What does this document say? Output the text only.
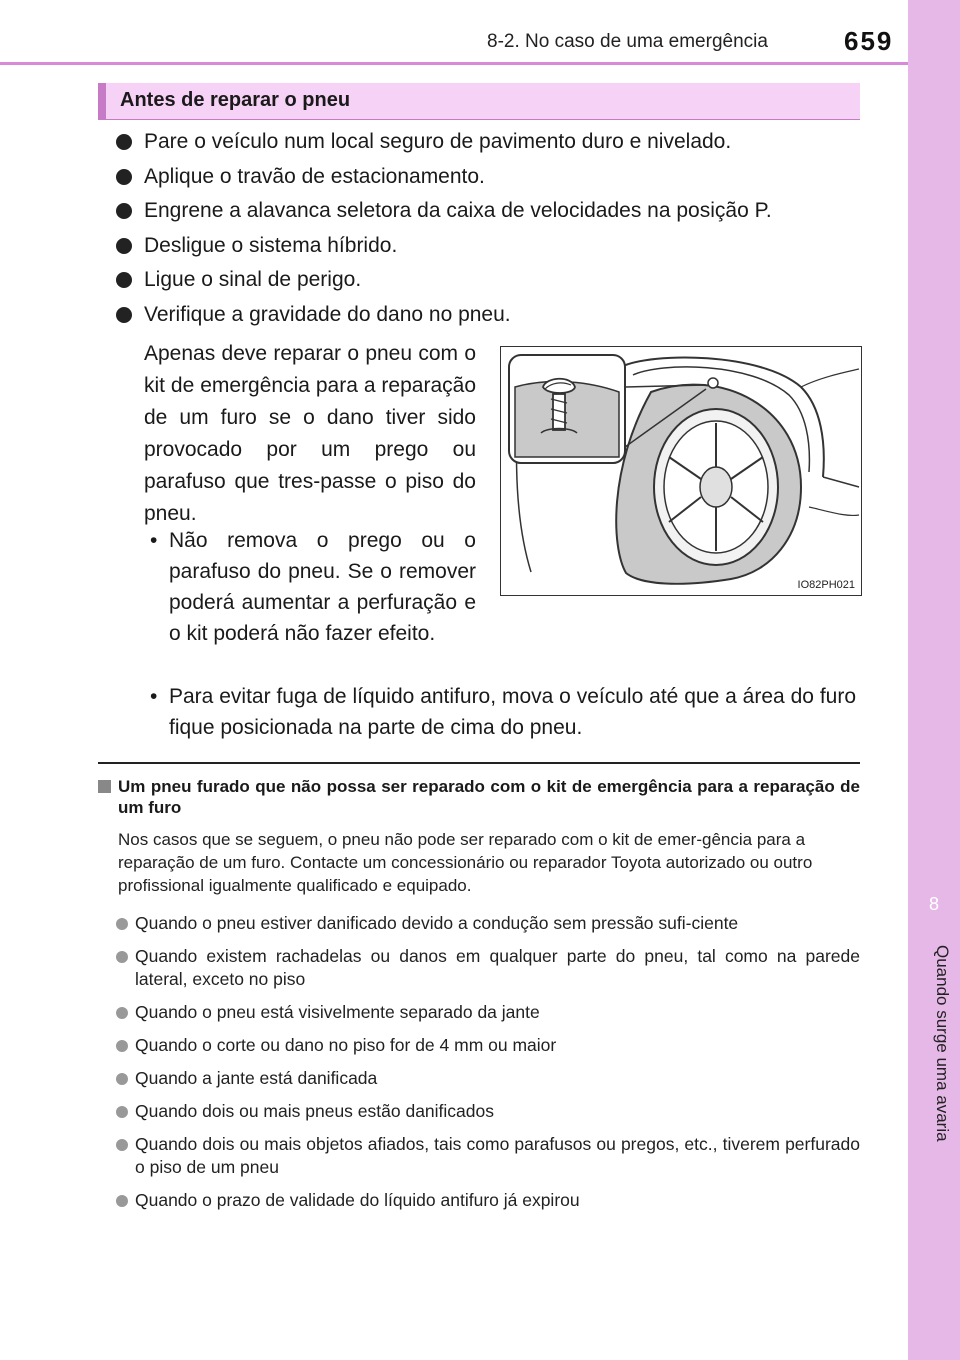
8-2. No caso de uma emergência	659
8
Quando surge uma avaria
Antes de reparar o pneu
Pare o veículo num local seguro de pavimento duro e nivelado.
Aplique o travão de estacionamento.
Engrene a alavanca seletora da caixa de velocidades na posição P.
Desligue o sistema híbrido.
Ligue o sinal de perigo.
Verifique a gravidade do dano no pneu.

Apenas deve reparar o pneu com o kit de emergência para a reparação de um furo se o dano tiver sido provocado por um prego ou parafuso que tres-passe o piso do pneu.

• Não remova o prego ou o parafuso do pneu. Se o remover poderá aumentar a perfuração e o kit poderá não fazer efeito.

• Para evitar fuga de líquido antifuro, mova o veículo até que a área do furo fique posicionada na parte de cima do pneu.

IO82PH021

Um pneu furado que não possa ser reparado com o kit de emergência para a reparação de um furo

Nos casos que se seguem, o pneu não pode ser reparado com o kit de emer-gência para a reparação de um furo. Contacte um concessionário ou reparador Toyota autorizado ou outro profissional igualmente qualificado e equipado.

Quando o pneu estiver danificado devido a condução sem pressão sufi-ciente
Quando existem rachadelas ou danos em qualquer parte do pneu, tal como na parede lateral, exceto no piso
Quando o pneu está visivelmente separado da jante
Quando o corte ou dano no piso for de 4 mm ou maior
Quando a jante está danificada
Quando dois ou mais pneus estão danificados
Quando dois ou mais objetos afiados, tais como parafusos ou pregos, etc., tiverem perfurado o piso de um pneu
Quando o prazo de validade do líquido antifuro já expirou
